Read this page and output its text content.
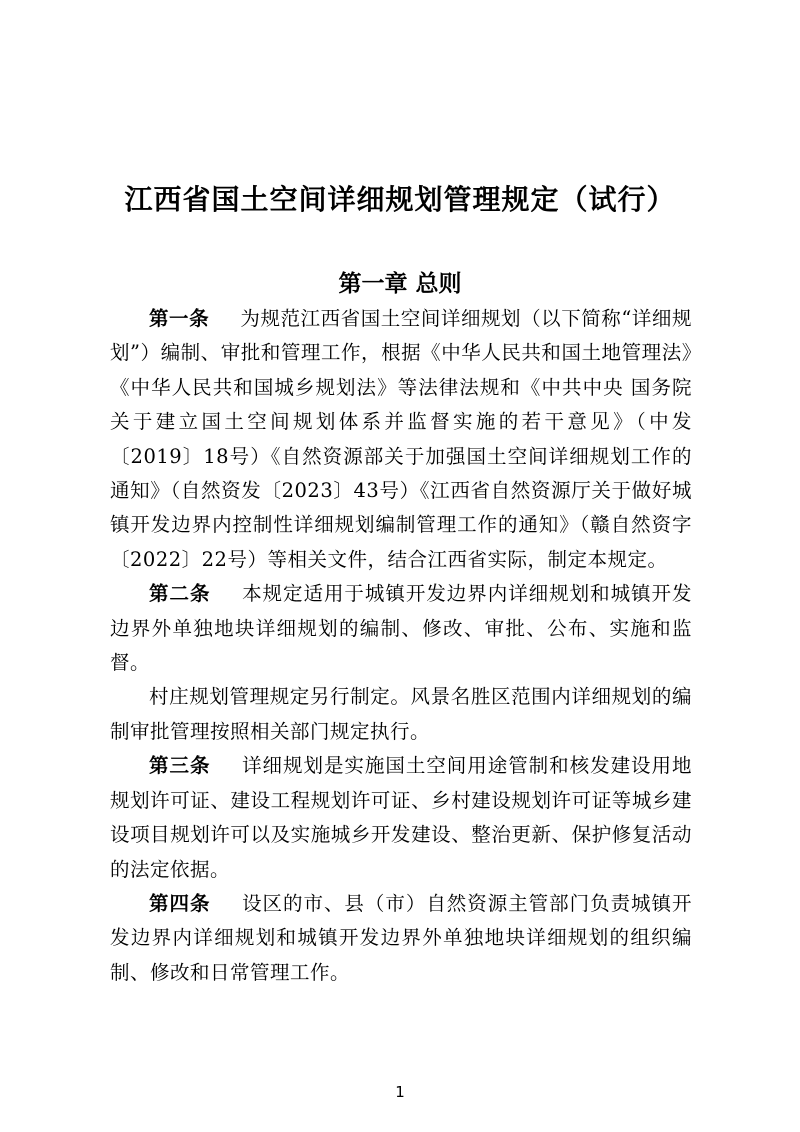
江西省国土空间详细规划管理规定（试行）
第一章 总则

第一条 为规范江西省国土空间详细规划（以下简称“详细规划”）编制、审批和管理工作，根据《中华人民共和国土地管理法》《中华人民共和国城乡规划法》等法律法规和《中共中央 国务院关于建立国土空间规划体系并监督实施的若干意见》（中发〔2019〕18号）《自然资源部关于加强国土空间详细规划工作的通知》（自然资发〔2023〕43号）《江西省自然资源厅关于做好城镇开发边界内控制性详细规划编制管理工作的通知》（赣自然资字〔2022〕22号）等相关文件，结合江西省实际，制定本规定。

第二条 本规定适用于城镇开发边界内详细规划和城镇开发边界外单独地块详细规划的编制、修改、审批、公布、实施和监督。

村庄规划管理规定另行制定。风景名胜区范围内详细规划的编制审批管理按照相关部门规定执行。

第三条 详细规划是实施国土空间用途管制和核发建设用地规划许可证、建设工程规划许可证、乡村建设规划许可证等城乡建设项目规划许可以及实施城乡开发建设、整治更新、保护修复活动的法定依据。

第四条 设区的市、县（市）自然资源主管部门负责城镇开发边界内详细规划和城镇开发边界外单独地块详细规划的组织编制、修改和日常管理工作。

1
